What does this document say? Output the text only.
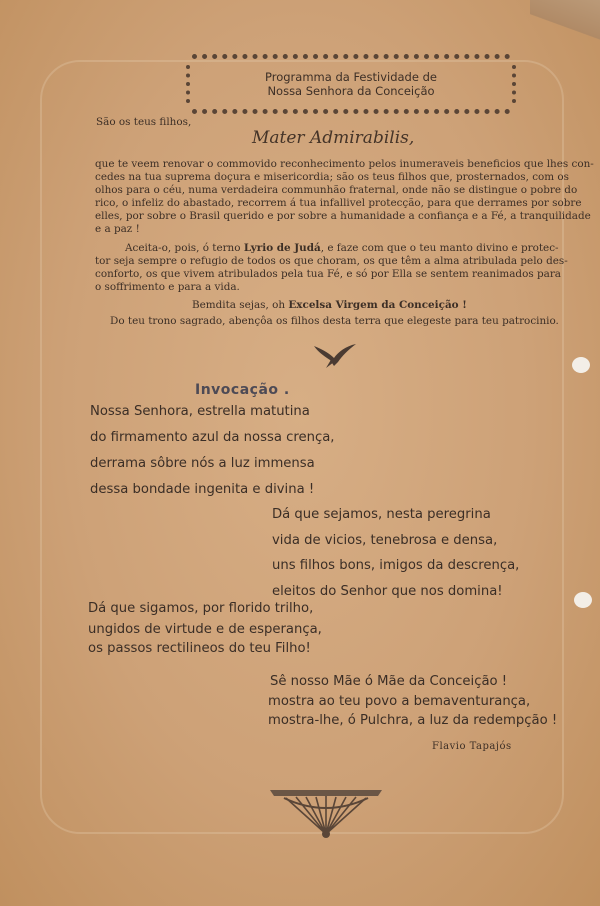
Programma da Festividade de
Nossa Senhora da Conceição
São os teus filhos,
Mater Admirabilis,
que te veem renovar o commovido reconhecimento pelos inumeraveis beneficios que lhes con-
cedes na tua suprema doçura e misericordia; são os teus filhos que, prosternados, com os
olhos para o céu, numa verdadeira communhão fraternal, onde não se distingue o pobre do
rico, o infeliz do abastado, recorrem á tua infallivel protecção, para que derrames por sobre
elles, por sobre o Brasil querido e por sobre a humanidade a confiança e a Fé, a tranquilidade
e a paz !
Aceita-o, pois, ó terno Lyrio de Judá, e faze com que o teu manto divino e protec-
tor seja sempre o refugio de todos os que choram, os que têm a alma atribulada pelo des-
conforto, os que vivem atribulados pela tua Fé, e só por Ella se sentem reanimados para
o soffrimento e para a vida.
Bemdita sejas, oh Excelsa Virgem da Conceição !
Do teu trono sagrado, abençôa os filhos desta terra que elegeste para teu patrocinio.
Invocação .
Nossa Senhora, estrella matutina
do firmamento azul da nossa crença,
derrama sôbre nós a luz immensa
dessa bondade ingenita e divina !
Dá que sejamos, nesta peregrina
vida de vicios, tenebrosa e densa,
uns filhos bons, imigos da descrença,
eleitos do Senhor que nos domina!
Dá que sigamos, por florido trilho,
ungidos de virtude e de esperança,
os passos rectilineos do teu Filho!
Sê nosso Mãe ó Mãe da Conceição !
mostra ao teu povo a bemaventurança,
mostra-lhe, ó Pulchra, a luz da redempção !
Flavio Tapajós
